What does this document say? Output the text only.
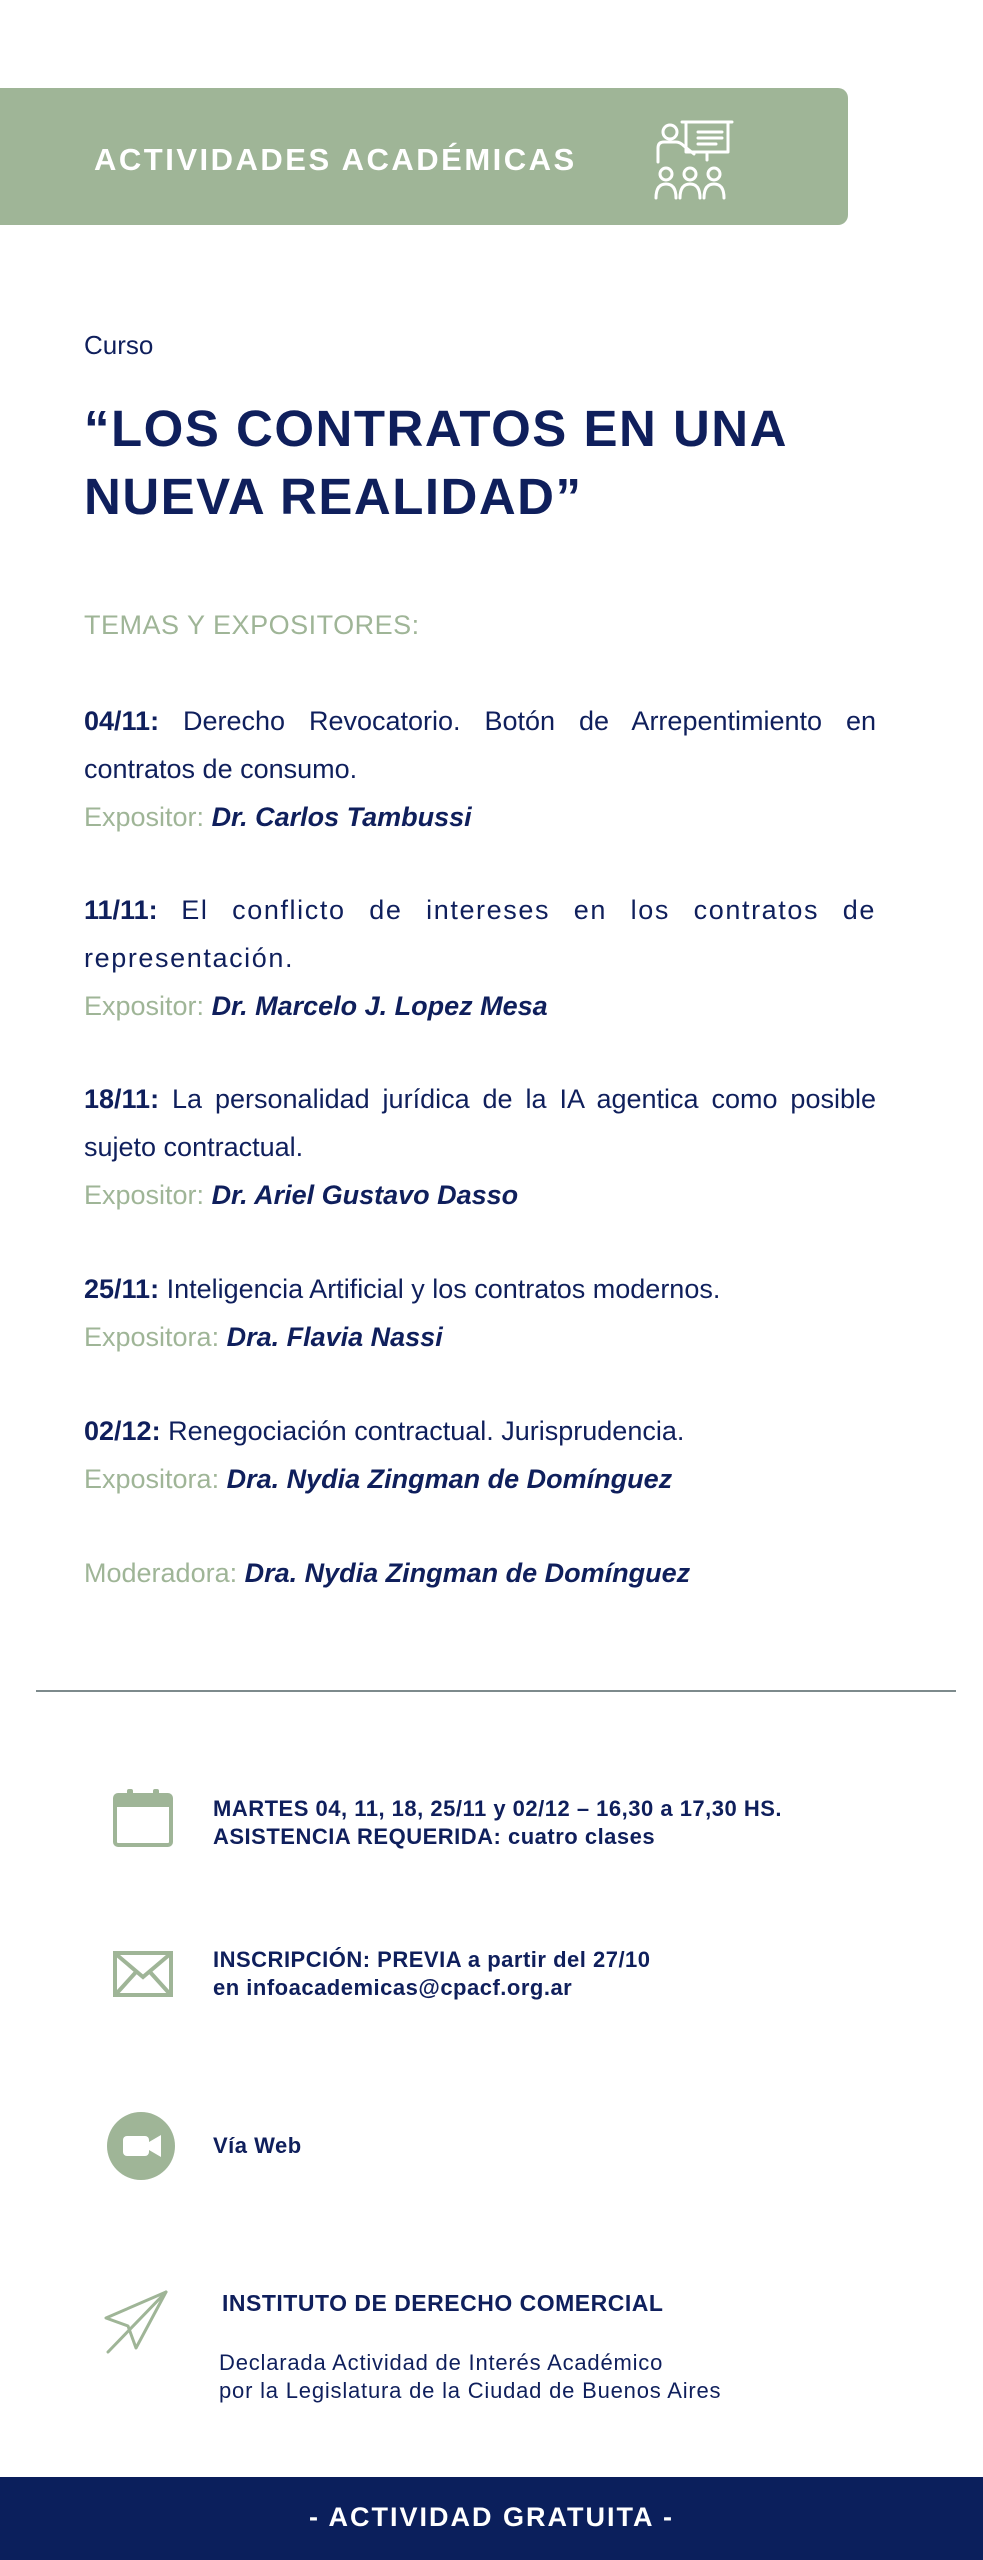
ACTIVIDADES ACADÉMICAS
Curso
“LOS CONTRATOS EN UNA
NUEVA REALIDAD”
TEMAS Y EXPOSITORES:
04/11: Derecho Revocatorio. Botón de Arrepentimiento en contratos de consumo.
Expositor: Dr. Carlos Tambussi
11/11: El conflicto de intereses en los contratos de representación.
Expositor: Dr. Marcelo J. Lopez Mesa
18/11: La personalidad jurídica de la IA agentica como posible sujeto contractual.
Expositor: Dr. Ariel Gustavo Dasso
25/11: Inteligencia Artificial y los contratos modernos.
Expositora: Dra. Flavia Nassi
02/12: Renegociación contractual. Jurisprudencia.
Expositora: Dra. Nydia Zingman de Domínguez
Moderadora: Dra. Nydia Zingman de Domínguez
MARTES 04, 11, 18, 25/11 y 02/12 – 16,30 a 17,30 HS.
ASISTENCIA REQUERIDA: cuatro clases
INSCRIPCIÓN: PREVIA a partir del 27/10
en infoacademicas@cpacf.org.ar
Vía Web
INSTITUTO DE DERECHO COMERCIAL
Declarada Actividad de Interés Académico
por la Legislatura de la Ciudad de Buenos Aires
- ACTIVIDAD GRATUITA -
